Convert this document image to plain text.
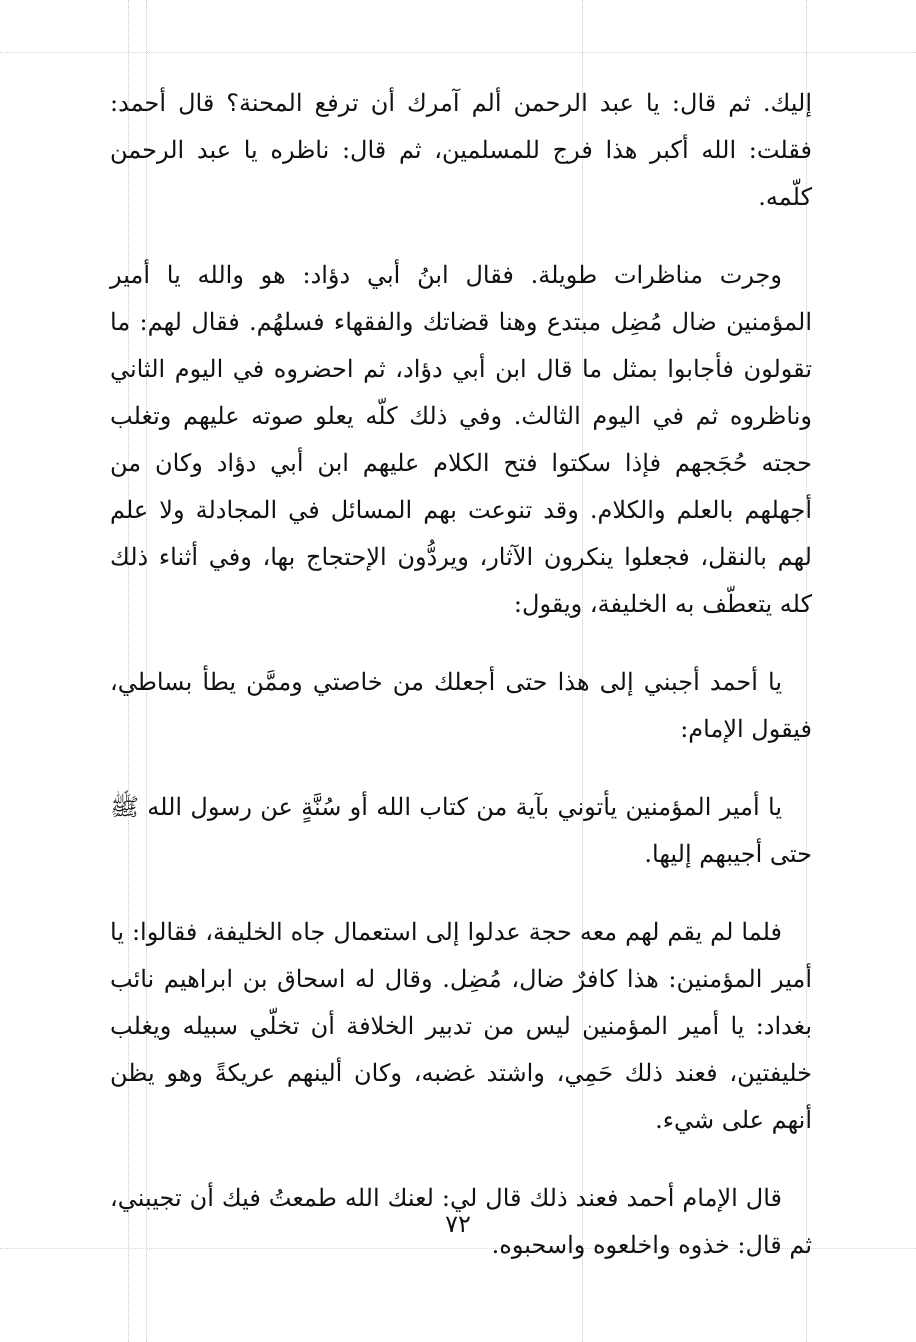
إليك. ثم قال: يا عبد الرحمن ألم آمرك أن ترفع المحنة؟ قال أحمد: فقلت: الله أكبر هذا فرج للمسلمين، ثم قال: ناظره يا عبد الرحمن كلّمه.

وجرت مناظرات طويلة. فقال ابنُ أبي دؤاد: هو والله يا أمير المؤمنين ضال مُضِل مبتدع وهنا قضاتك والفقهاء فسلهُم. فقال لهم: ما تقولون فأجابوا بمثل ما قال ابن أبي دؤاد، ثم احضروه في اليوم الثاني وناظروه ثم في اليوم الثالث. وفي ذلك كلّه يعلو صوته عليهم وتغلب حجته حُجَجهم فإذا سكتوا فتح الكلام عليهم ابن أبي دؤاد وكان من أجهلهم بالعلم والكلام. وقد تنوعت بهم المسائل في المجادلة ولا علم لهم بالنقل، فجعلوا ينكرون الآثار، ويردُّون الإحتجاج بها، وفي أثناء ذلك كله يتعطّف به الخليفة، ويقول:

يا أحمد أجبني إلى هذا حتى أجعلك من خاصتي وممَّن يطأ بساطي، فيقول الإمام:

يا أمير المؤمنين يأتوني بآية من كتاب الله أو سُنَّةٍ عن رسول الله ﷺ حتى أجيبهم إليها.

فلما لم يقم لهم معه حجة عدلوا إلى استعمال جاه الخليفة، فقالوا: يا أمير المؤمنين: هذا كافرٌ ضال، مُضِل. وقال له اسحاق بن ابراهيم نائب بغداد: يا أمير المؤمنين ليس من تدبير الخلافة أن تخلّي سبيله ويغلب خليفتين، فعند ذلك حَمِي، واشتد غضبه، وكان ألينهم عريكةً وهو يظن أنهم على شيء.

قال الإمام أحمد فعند ذلك قال لي: لعنك الله طمعتُ فيك أن تجيبني، ثم قال: خذوه واخلعوه واسحبوه.

٧٢
